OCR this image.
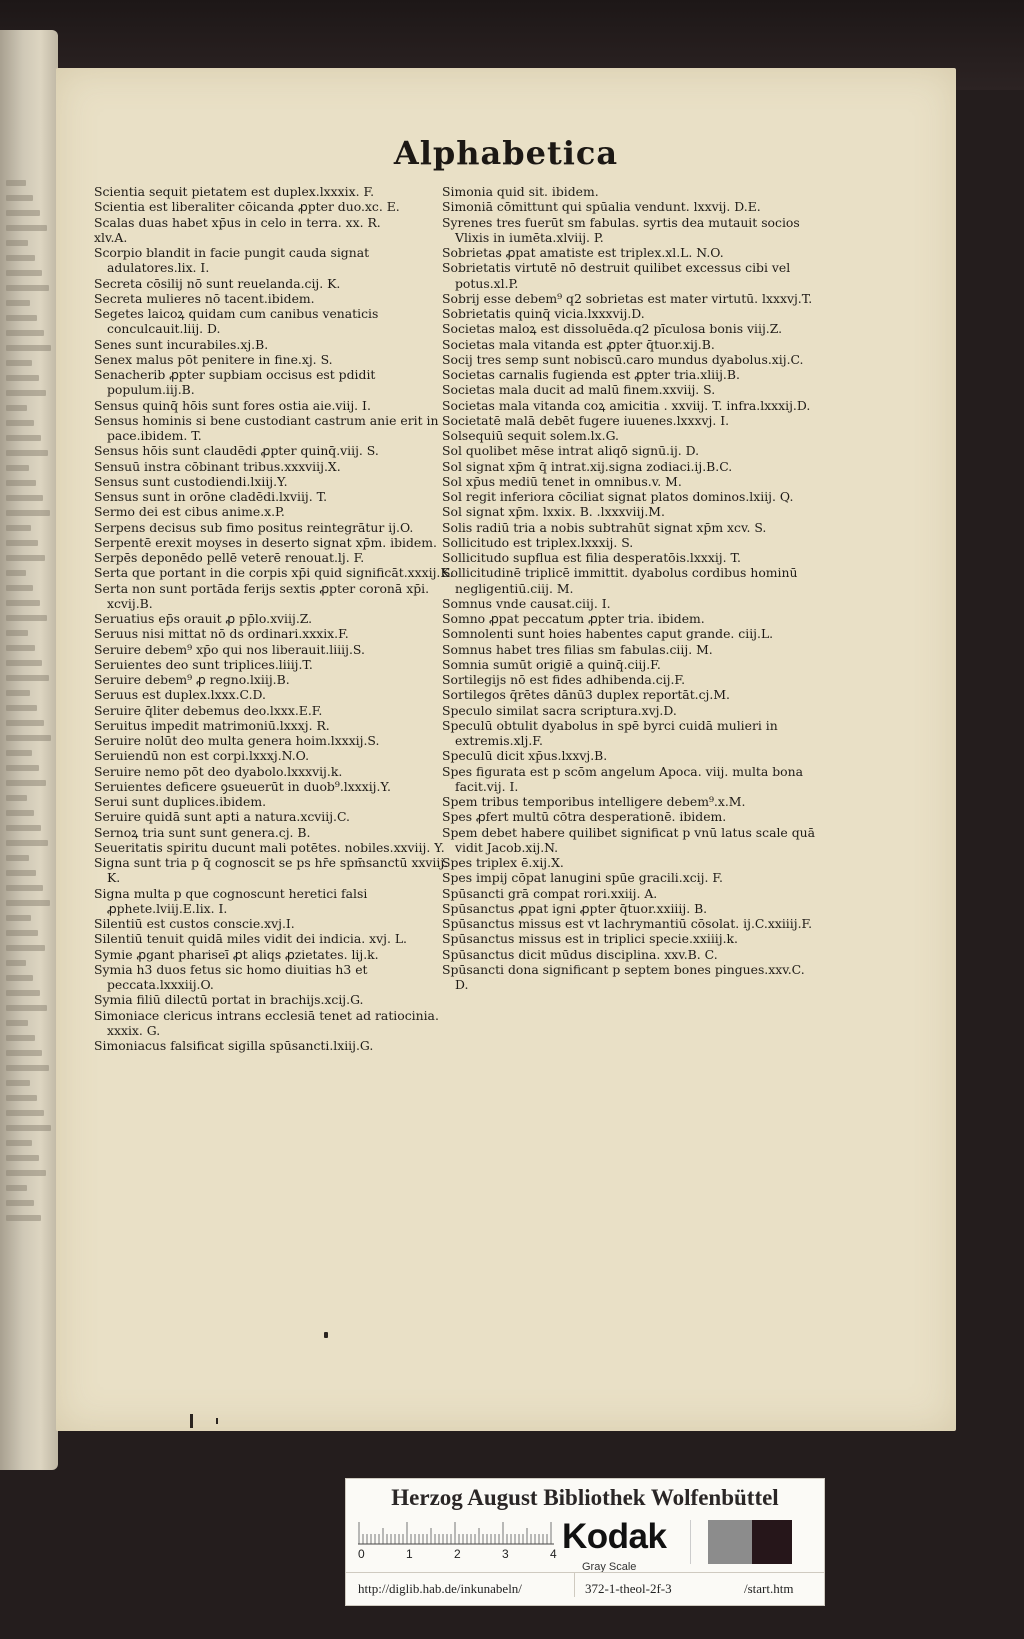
Alphabetica
Scientia sequit pietatem est duplex.lxxxix. F.
Scientia est liberaliter cōicanda ꝓpter duo.xc. E.
Scalas duas habet xp̄us in celo in terra. xx. R.
xlv.A.
Scorpio blandit in facie pungit cauda signat adulatores.lix. I.
Secreta cōsilij nō sunt reuelanda.cij. K.
Secreta mulieres nō tacent.ibidem.
Segetes laicoꝝ quidam cum canibus venaticis conculcauit.liij. D.
Senes sunt incurabiles.xj.B.
Senex malus pōt penitere in fine.xj. S.
Senacherib ꝓpter supbiam occisus est pdidit populum.iij.B.
Sensus quinq̄ hōis sunt fores ostia aie.viij. I.
Sensus hominis si bene custodiant castrum anie erit in pace.ibidem. T.
Sensus hōis sunt claudēdi ꝓpter quinq̄.viij. S.
Sensuū instra cōbinant tribus.xxxviij.X.
Sensus sunt custodiendi.lxiij.Y.
Sensus sunt in orōne cladēdi.lxviij. T.
Sermo dei est cibus anime.x.P.
Serpens decisus sub fimo positus reintegrātur ij.O.
Serpentē erexit moyses in deserto signat xp̄m. ibidem.
Serpēs deponēdo pellē veterē renouat.lj. F.
Serta que portant in die corpis xp̄i quid significāt.xxxij.K.
Serta non sunt portāda ferijs sextis ꝓpter coronā xp̄i. xcvij.B.
Seruatius ep̄s orauit ꝓ pp̄lo.xviij.Z.
Seruus nisi mittat nō ds ordinari.xxxix.F.
Seruire debem⁹ xp̄o qui nos liberauit.liiij.S.
Seruientes deo sunt triplices.liiij.T.
Seruire debem⁹ ꝓ regno.lxiij.B.
Seruus est duplex.lxxx.C.D.
Seruire q̄liter debemus deo.lxxx.E.F.
Seruitus impedit matrimoniū.lxxxj. R.
Seruire nolūt deo multa genera hoim.lxxxij.S.
Seruiendū non est corpi.lxxxj.N.O.
Seruire nemo pōt deo dyabolo.lxxxvij.k.
Seruientes deficere ꝯsueuerūt in duob⁹.lxxxij.Y.
Serui sunt duplices.ibidem.
Seruire quidā sunt apti a natura.xcviij.C.
Sernoꝝ tria sunt sunt genera.cj. B.
Seueritatis spiritu ducunt mali potētes. nobiles.xxviij. Y.
Signa sunt tria p q̄ cognoscit se ps hr̄e spm̄sanctū xxviij. K.
Signa multa p que cognoscunt heretici falsi ꝓphete.lviij.E.lix. I.
Silentiū est custos conscie.xvj.I.
Silentiū tenuit quidā miles vidit dei indicia. xvj. L.
Symie ꝓgant phariseī ꝓt aliqs ꝓzietates. lij.k.
Symia h3 duos fetus sic homo diuitias h3 et peccata.lxxxiij.O.
Symia filiū dilectū portat in brachijs.xcij.G.
Simoniace clericus intrans ecclesiā tenet ad ratiocinia. xxxix. G.
Simoniacus falsificat sigilla spūsancti.lxiij.G.
Simonia quid sit. ibidem.
Simoniā cōmittunt qui spūalia vendunt. lxxvij. D.E.
Syrenes tres fuerūt sm fabulas. syrtis dea mutauit socios Vlixis in iumēta.xlviij. P.
Sobrietas ꝓpat amatiste est triplex.xl.L. N.O.
Sobrietatis virtutē nō destruit quilibet excessus cibi vel potus.xl.P.
Sobrij esse debem⁹ q2 sobrietas est mater virtutū. lxxxvj.T.
Sobrietatis quinq̄ vicia.lxxxvij.D.
Societas maloꝝ est dissoluēda.q2 pīculosa bonis viij.Z.
Societas mala vitanda est ꝓpter q̄tuor.xij.B.
Socij tres semp sunt nobiscū.caro mundus dyabolus.xij.C.
Societas carnalis fugienda est ꝓpter tria.xliij.B.
Societas mala ducit ad malū finem.xxviij. S.
Societas mala vitanda coꝝ amicitia . xxviij. T. infra.lxxxij.D.
Societatē malā debēt fugere iuuenes.lxxxvj. I.
Solsequiū sequit solem.lx.G.
Sol quolibet mēse intrat aliqō signū.ij. D.
Sol signat xp̄m q̄ intrat.xij.signa zodiaci.ij.B.C.
Sol xp̄us mediū tenet in omnibus.v. M.
Sol regit inferiora cōciliat signat platos dominos.lxiij. Q.
Sol signat xp̄m. lxxix. B. .lxxxviij.M.
Solis radiū tria a nobis subtrahūt signat xp̄m xcv. S.
Sollicitudo est triplex.lxxxij. S.
Sollicitudo supflua est filia desperatōis.lxxxij. T.
Sollicitudinē triplicē immittit. dyabolus cordibus hominū negligentiū.ciij. M.
Somnus vnde causat.ciij. I.
Somno ꝓpat peccatum ꝓpter tria. ibidem.
Somnolenti sunt hoies habentes caput grande. ciij.L.
Somnus habet tres filias sm fabulas.ciij. M.
Somnia sumūt origiē a quinq̄.ciij.F.
Sortilegijs nō est fides adhibenda.cij.F.
Sortilegos q̄rētes dānū3 duplex reportāt.cj.M.
Speculo similat sacra scriptura.xvj.D.
Speculū obtulit dyabolus in spē byrci cuidā mulieri in extremis.xlj.F.
Speculū dicit xp̄us.lxxvj.B.
Spes figurata est p scōm angelum Apoca. viij. multa bona facit.vij. I.
Spem tribus temporibus intelligere debem⁹.x.M.
Spes ꝓfert multū cōtra desperationē. ibidem.
Spem debet habere quilibet significat p vnū latus scale quā vidit Jacob.xij.N.
Spes triplex ē.xij.X.
Spes impij cōpat lanugini spūe gracili.xcij. F.
Spūsancti grā compat rori.xxiij. A.
Spūsanctus ꝓpat igni ꝓpter q̄tuor.xxiiij. B.
Spūsanctus missus est vt lachrymantiū cōsolat. ij.C.xxiiij.F.
Spūsanctus missus est in triplici specie.xxiiij.k.
Spūsanctus dicit mūdus disciplina. xxv.B. C.
Spūsancti dona significant p septem bones pingues.xxv.C. D.
Herzog August Bibliothek Wolfenbüttel
0	1	2	3	4 Kodak
Gray Scale
http://diglib.hab.de/inkunabeln/	372-1-theol-2f-3	/start.htm
